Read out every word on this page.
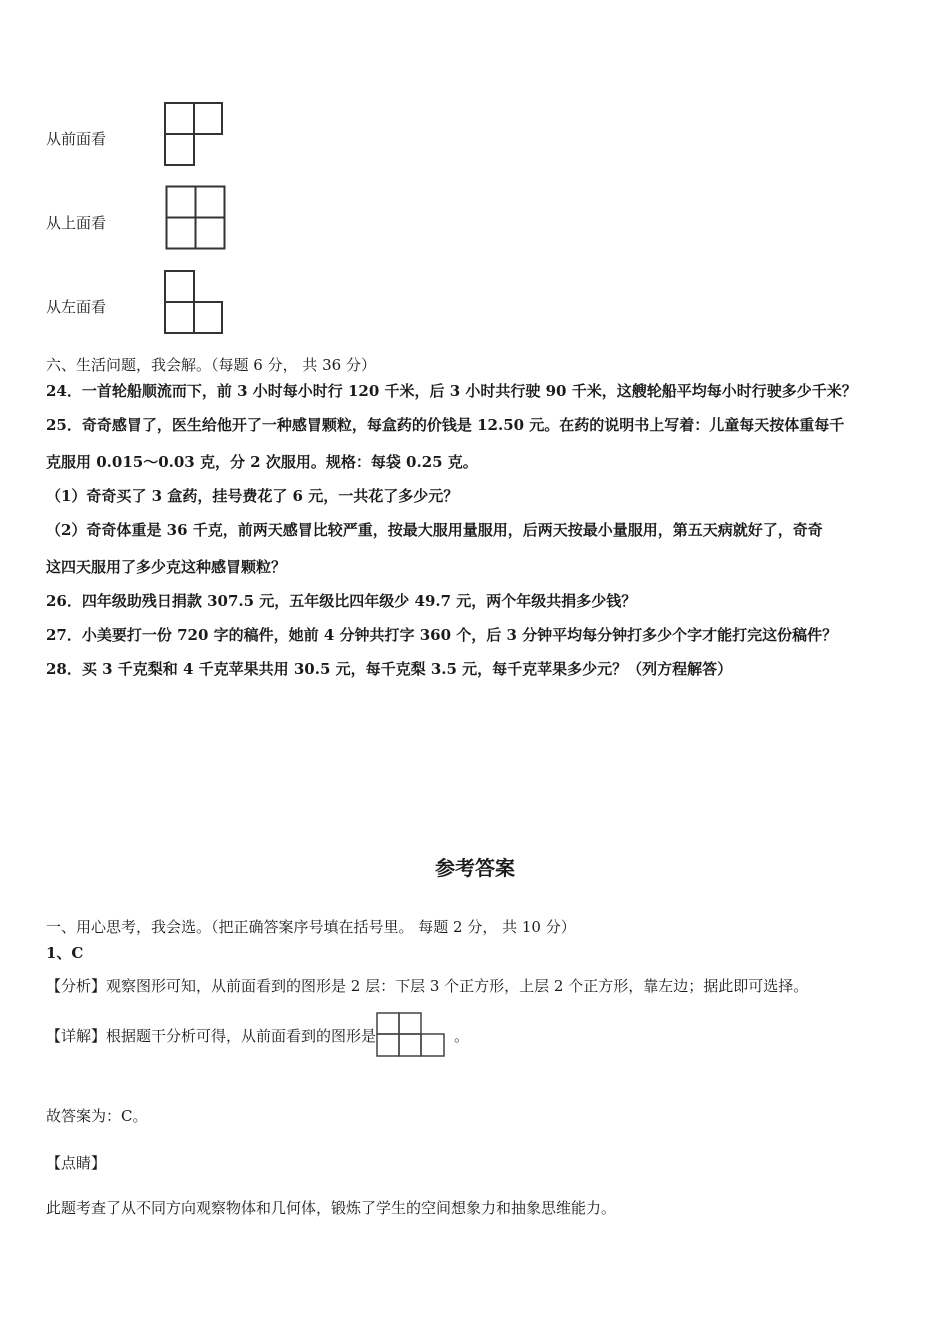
从前面看
从上面看
从左面看
六、生活问题，我会解。（每题 6 分， 共 36 分）
24．一首轮船顺流而下，前 3 小时每小时行 120 千米，后 3 小时共行驶 90 千米，这艘轮船平均每小时行驶多少千米？
25．奇奇感冒了，医生给他开了一种感冒颗粒，每盒药的价钱是 12.50 元。在药的说明书上写着：儿童每天按体重每千
克服用 0.015～0.03 克，分 2 次服用。规格：每袋 0.25 克。
（1）奇奇买了 3 盒药，挂号费花了 6 元，一共花了多少元？
（2）奇奇体重是 36 千克，前两天感冒比较严重，按最大服用量服用，后两天按最小量服用，第五天病就好了，奇奇
这四天服用了多少克这种感冒颗粒？
26．四年级助残日捐款 307.5 元，五年级比四年级少 49.7 元，两个年级共捐多少钱？
27．小美要打一份 720 字的稿件，她前 4 分钟共打字 360 个，后 3 分钟平均每分钟打多少个字才能打完这份稿件？
28．买 3 千克梨和 4 千克苹果共用 30.5 元，每千克梨 3.5 元，每千克苹果多少元？（列方程解答）
参考答案
一、用心思考，我会选。（把正确答案序号填在括号里。 每题 2 分， 共 10 分）
1、C
【分析】观察图形可知，从前面看到的图形是 2 层：下层 3 个正方形，上层 2 个正方形，靠左边；据此即可选择。
【详解】根据题干分析可得，从前面看到的图形是	。
故答案为：C。
【点睛】
此题考查了从不同方向观察物体和几何体，锻炼了学生的空间想象力和抽象思维能力。
